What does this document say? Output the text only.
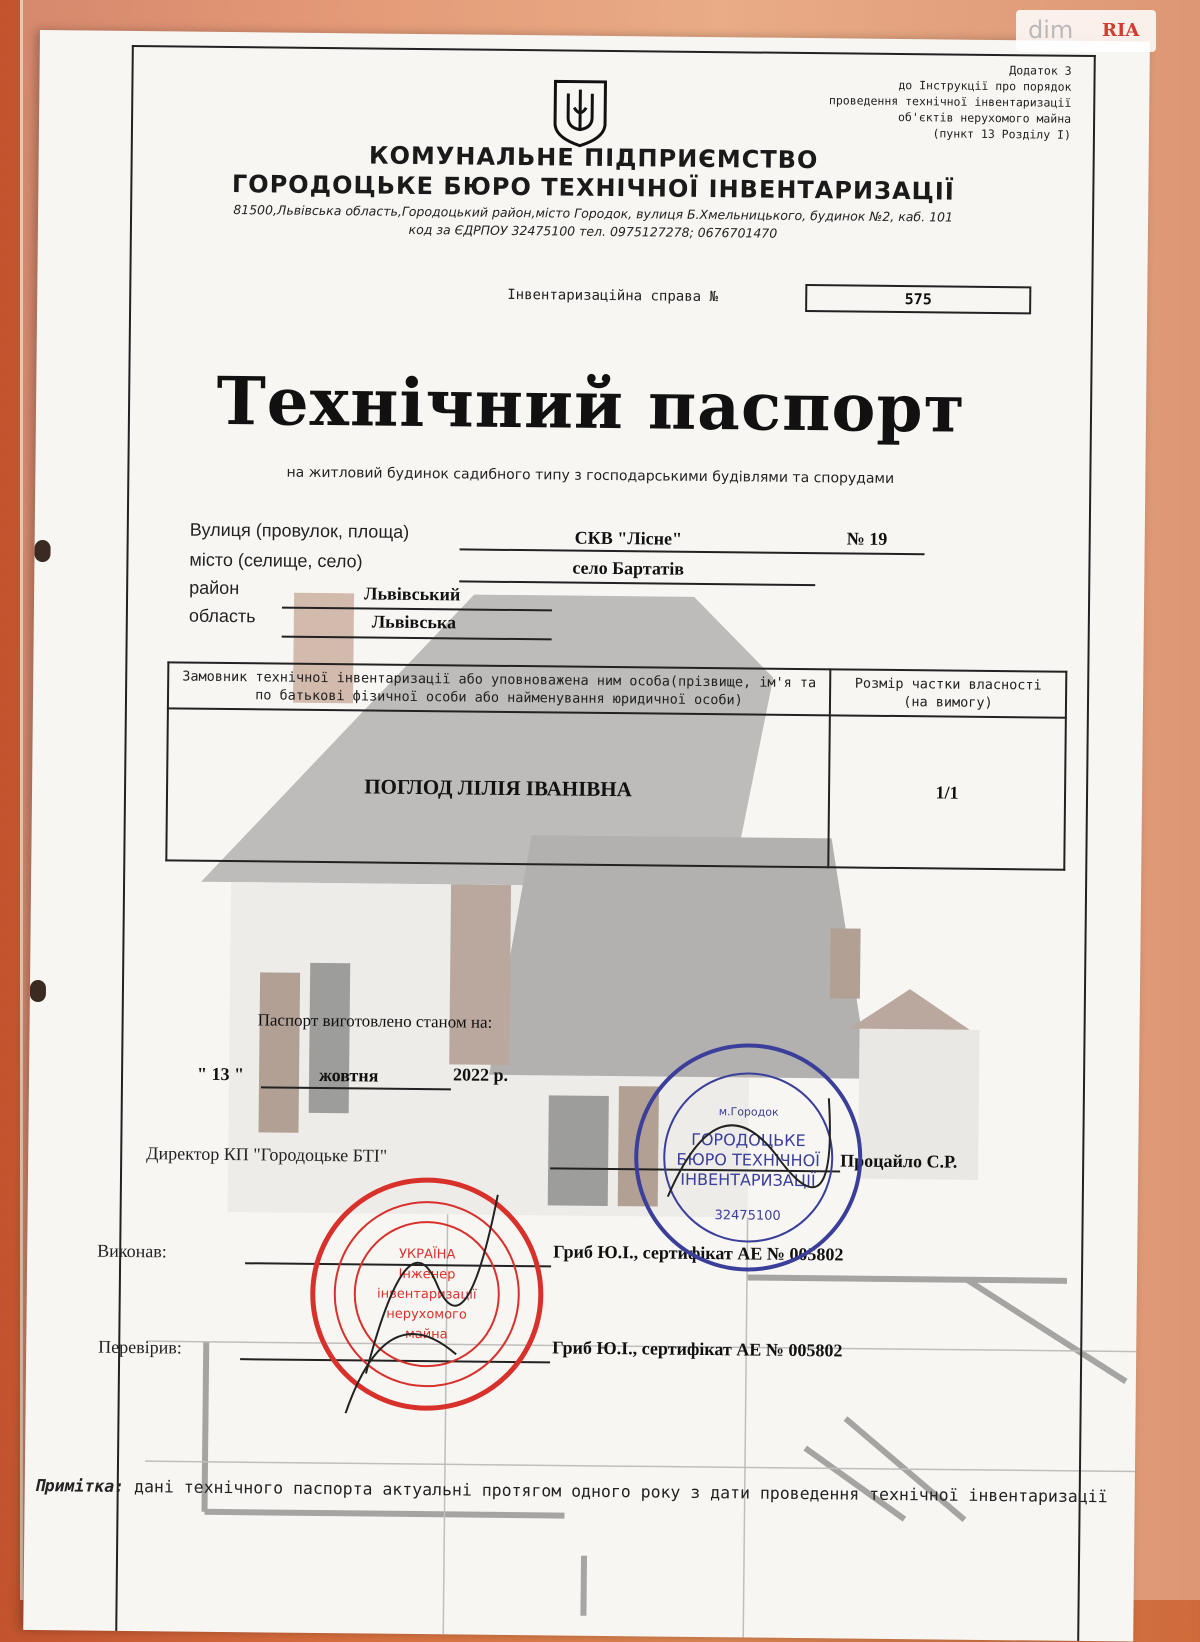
Додаток 3
до Інструкції про порядок
проведення технічної інвентаризації
об'єктів нерухомого майна
(пункт 13 Розділу І)
КОМУНАЛЬНЕ ПІДПРИЄМСТВО
ГОРОДОЦЬКЕ БЮРО ТЕХНІЧНОЇ ІНВЕНТАРИЗАЦІЇ
81500,Львівська область,Городоцький район,місто Городок, вулиця Б.Хмельницького, будинок №2, каб. 101
код за ЄДРПОУ 32475100 тел. 0975127278; 0676701470
Інвентаризаційна справа №	575
Технічний паспорт
на житловий будинок садибного типу з господарськими будівлями та спорудами
Вулиця (провулок, площа)	СКВ "Лісне"	№ 19
місто (селище, село)	село Бартатів
район	Львівський
область	Львівська
Замовник технічної інвентаризації або уповноважена ним особа(прізвище, ім'я та по батькові фізичної особи або найменування юридичної особи)	Розмір частки власності (на вимогу)
ПОГЛОД ЛІЛІЯ ІВАНІВНА	1/1
Паспорт виготовлено станом на:
" 13 "	жовтня	2022 р.
Директор КП "Городоцьке БТІ"	Процайло С.Р.
Виконав:	Гриб Ю.І., сертифікат АЕ № 005802
Перевірив:	Гриб Ю.І., сертифікат АЕ № 005802
м.Городок
ГОРОДОЦЬКЕ
БЮРО ТЕХНІЧНОЇ
ІНВЕНТАРИЗАЦІЇ
32475100
УКРАЇНА
Інженер
інвентаризації
нерухомого
майна
Примітка: дані технічного паспорта актуальні протягом одного року з дати проведення технічної інвентаризації
dim RIA
